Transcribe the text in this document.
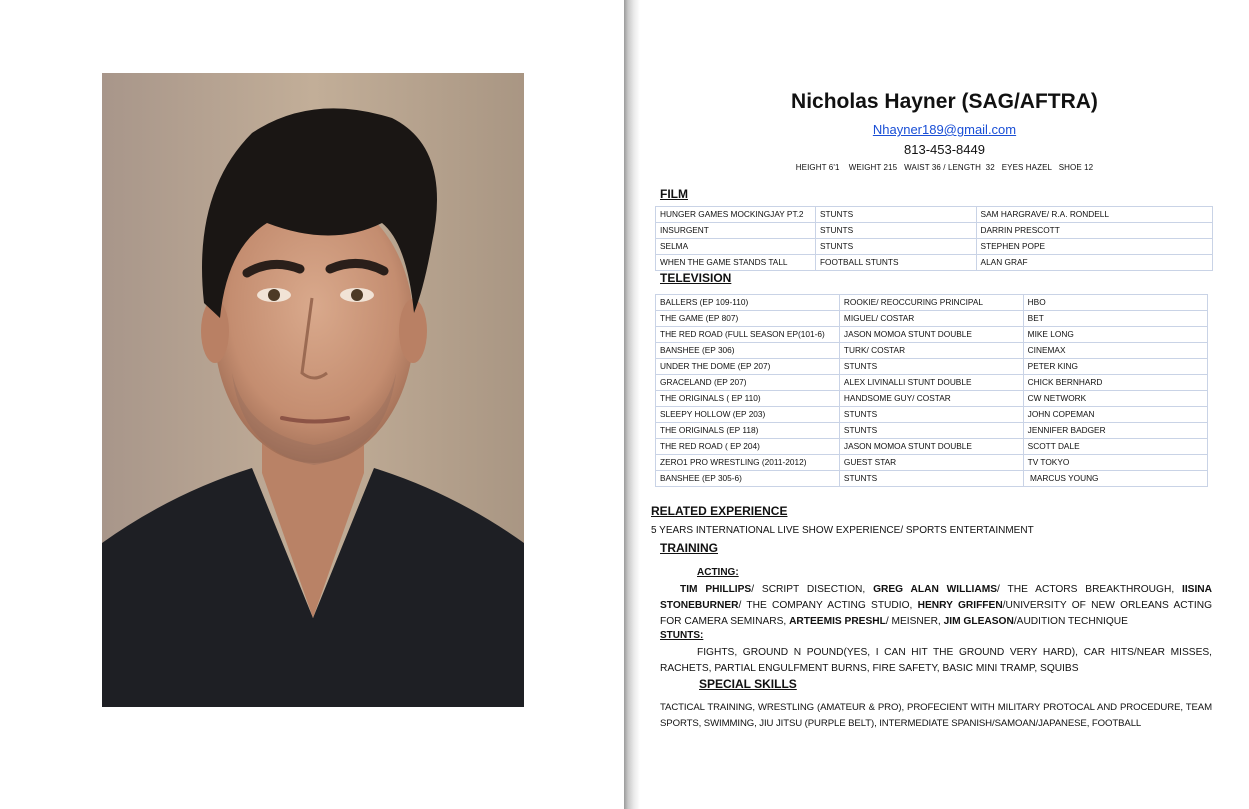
Nicholas Hayner (SAG/AFTRA)
Nhayner189@gmail.com
813-453-8449
HEIGHT 6'1    WEIGHT 215   WAIST 36 / LENGTH  32   EYES HAZEL   SHOE 12
FILM
HUNGER GAMES MOCKINGJAY PT.2	STUNTS	SAM HARGRAVE/ R.A. RONDELL
INSURGENT	STUNTS	DARRIN PRESCOTT
SELMA	STUNTS	STEPHEN POPE
WHEN THE GAME STANDS TALL	FOOTBALL STUNTS	ALAN GRAF
TELEVISION
BALLERS (EP 109-110)	ROOKIE/ REOCCURING PRINCIPAL	HBO
THE GAME (EP 807)	MIGUEL/ COSTAR	BET
THE RED ROAD (FULL SEASON EP(101-6)	JASON MOMOA STUNT DOUBLE	MIKE LONG
BANSHEE (EP 306)	TURK/ COSTAR	CINEMAX
UNDER THE DOME (EP 207)	STUNTS	PETER KING
GRACELAND (EP 207)	ALEX LIVINALLI STUNT DOUBLE	CHICK BERNHARD
THE ORIGINALS ( EP 110)	HANDSOME GUY/ COSTAR	CW NETWORK
SLEEPY HOLLOW (EP 203)	STUNTS	JOHN COPEMAN
THE ORIGINALS (EP 118)	STUNTS	JENNIFER BADGER
THE RED ROAD ( EP 204)	JASON MOMOA STUNT DOUBLE	SCOTT DALE
ZERO1 PRO WRESTLING (2011-2012)	GUEST STAR	TV TOKYO
BANSHEE (EP 305-6)	STUNTS	MARCUS YOUNG
RELATED EXPERIENCE
5 YEARS INTERNATIONAL LIVE SHOW EXPERIENCE/ SPORTS ENTERTAINMENT
TRAINING
ACTING:
TIM PHILLIPS/ SCRIPT DISECTION, GREG ALAN WILLIAMS/ THE ACTORS BREAKTHROUGH, IISINA STONEBURNER/ THE COMPANY ACTING STUDIO, HENRY GRIFFEN/UNIVERSITY OF NEW ORLEANS ACTING FOR CAMERA SEMINARS, ARTEEMIS PRESHL/ MEISNER, JIM GLEASON/AUDITION TECHNIQUE
STUNTS:
FIGHTS, GROUND N POUND(YES, I CAN HIT THE GROUND VERY HARD), CAR HITS/NEAR MISSES, RACHETS, PARTIAL ENGULFMENT BURNS, FIRE SAFETY, BASIC MINI TRAMP, SQUIBS
SPECIAL SKILLS
TACTICAL TRAINING, WRESTLING (AMATEUR & PRO), PROFECIENT WITH MILITARY PROTOCAL AND PROCEDURE, TEAM SPORTS, SWIMMING, JIU JITSU (PURPLE BELT), INTERMEDIATE SPANISH/SAMOAN/JAPANESE, FOOTBALL
